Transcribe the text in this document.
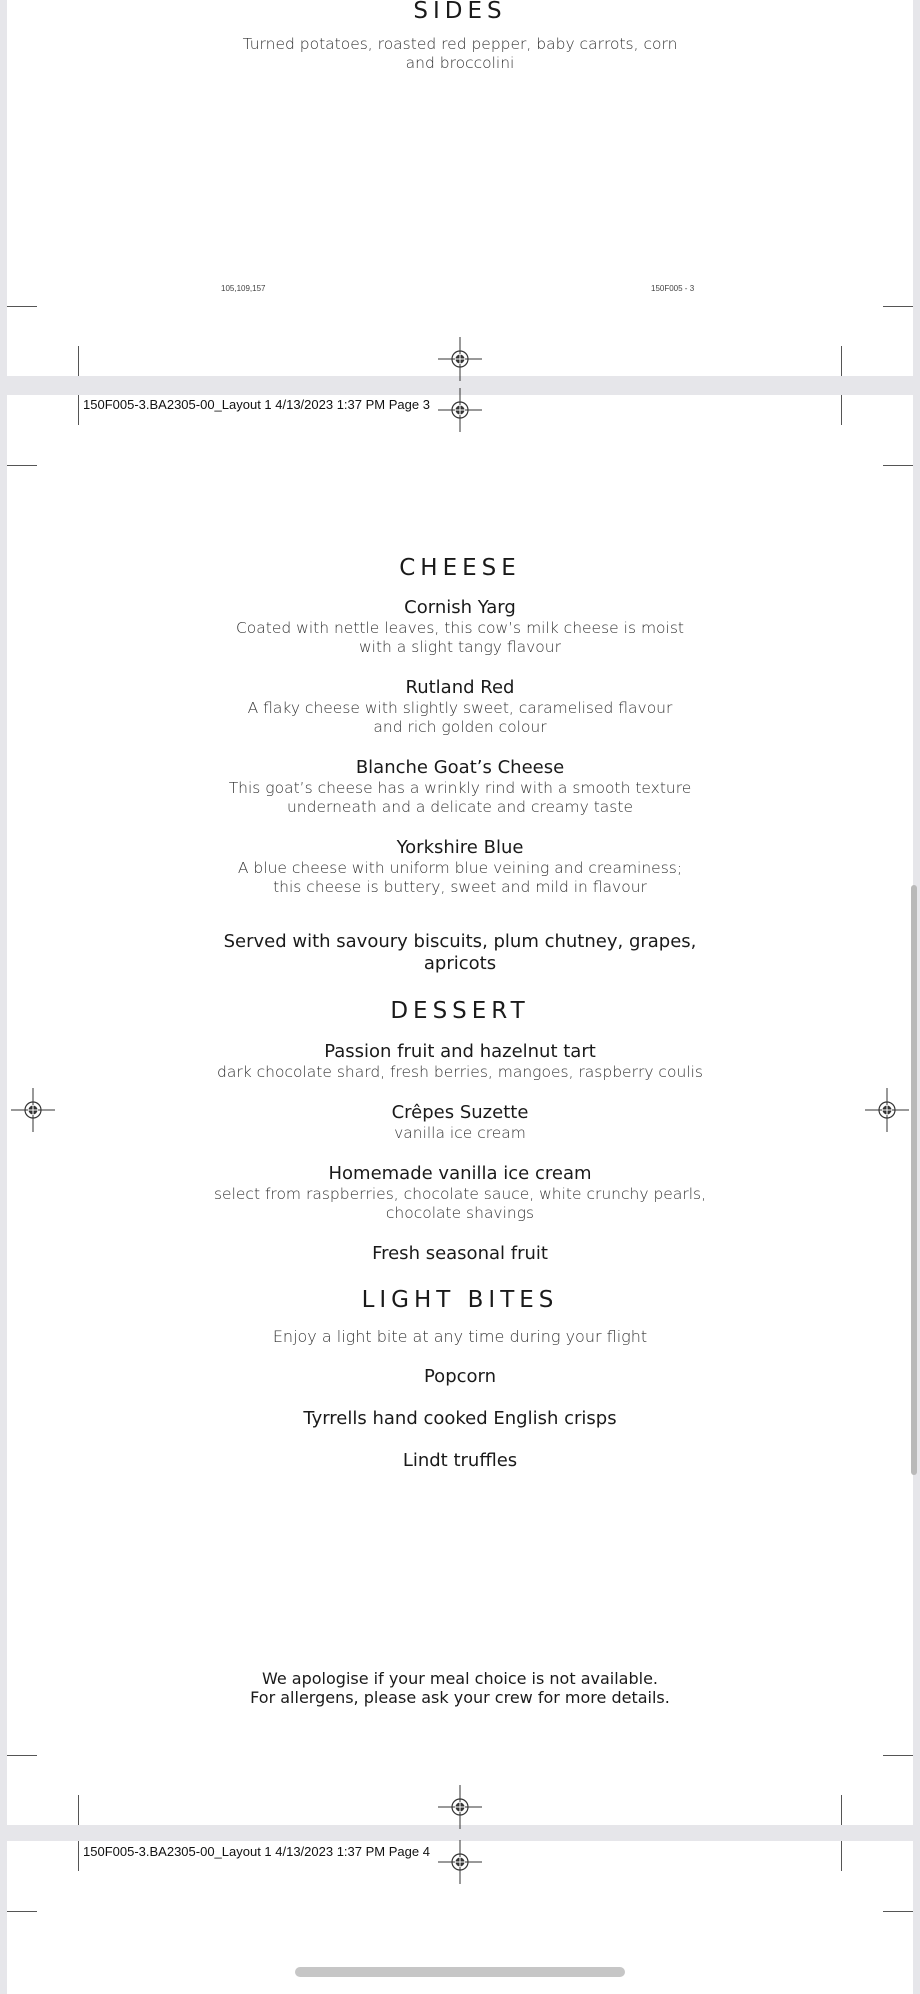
SIDES
Turned potatoes, roasted red pepper, baby carrots, corn
and broccolini
105,109,157	150F005 - 3
150F005-3.BA2305-00_Layout 1 4/13/2023 1:37 PM Page 3
CHEESE
Cornish Yarg
Coated with nettle leaves, this cow’s milk cheese is moist
with a slight tangy flavour
Rutland Red
A flaky cheese with slightly sweet, caramelised flavour
and rich golden colour
Blanche Goat’s Cheese
This goat’s cheese has a wrinkly rind with a smooth texture
underneath and a delicate and creamy taste
Yorkshire Blue
A blue cheese with uniform blue veining and creaminess;
this cheese is buttery, sweet and mild in flavour
Served with savoury biscuits, plum chutney, grapes,
apricots
DESSERT
Passion fruit and hazelnut tart
dark chocolate shard, fresh berries, mangoes, raspberry coulis
Crêpes Suzette
vanilla ice cream
Homemade vanilla ice cream
select from raspberries, chocolate sauce, white crunchy pearls,
chocolate shavings
Fresh seasonal fruit
LIGHT BITES
Enjoy a light bite at any time during your flight
Popcorn
Tyrrells hand cooked English crisps
Lindt truffles
We apologise if your meal choice is not available.
For allergens, please ask your crew for more details.
150F005-3.BA2305-00_Layout 1 4/13/2023 1:37 PM Page 4
